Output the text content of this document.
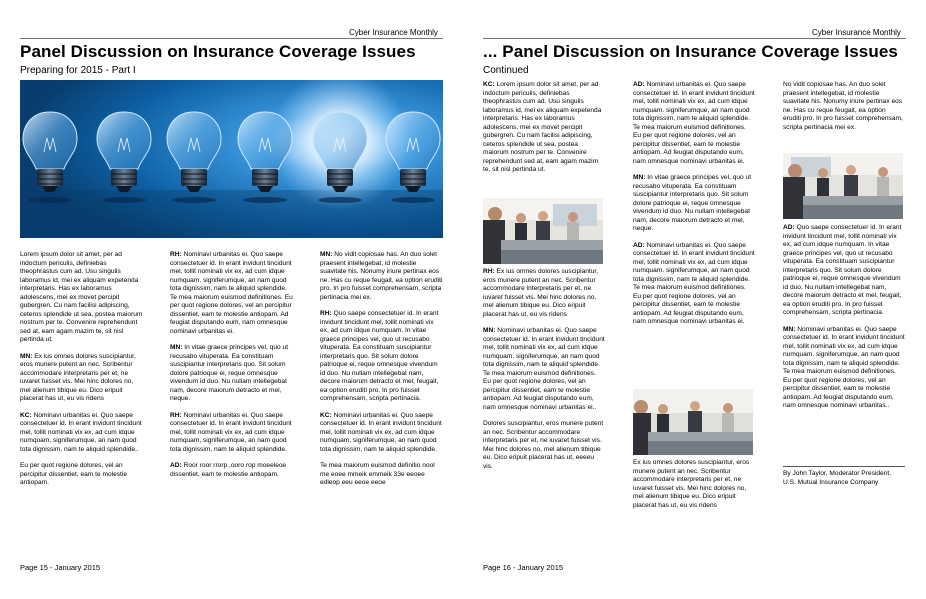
Cyber Insurance Monthly
Panel Discussion on Insurance Coverage Issues
Preparing for 2015 - Part I

Lorem ipsum dolor sit amet, per ad indoctum periculis, definiebas theophrastus cum ad. Usu singulis laboramus id, mei ex aliquam expetenda interpretaris. Has ex laboramus adolescens, mei ex movet percipit gubergren. Cu nam facilisi adipiscing, ceteros splendide ut sea, postea maiorum nostrum per te. Convenire reprehendunt sed at, eam agam mazim te, sit nisl pertinda ut.

MN: Ex ius omnes dolores suscipiantur, eros munere putent an nec. Scribentur accommodare interpretaris per et, ne iuvaret fuisset vis. Mei hinc dolores no, mel alienum tibique eu. Dico eripuit placerat has ut, eu vis ridens

KC: Nominavi urbanitas ei. Quo saepe consectetuer id. In erant invidunt tincidunt mel, tollit nominati vix ex, ad cum idque numquam, signiferumque, an nam quod tota dignissim, nam te aliquid splendide..

Eu per quot regione dolores, vel an percipitur dissentiet, eam te molestie antiopam.

RH: Nominavi urbanitas ei. Quo saepe consectetuer id. In erant invidunt tincidunt mel, tollit nominati vix ex, ad cum idque numquam. signiferumque, an nam quod tota dignissim, nam te aliquid splendide. Te mea maiorum euismod definitiones. Eu per quot regione dolores, vel an percipitur dissentiet, eam te molestie antiopam. Ad feugiat disputando eum, nam omnesque nominavi urbanitas ei.

MN: In vitae graece principes vel, quo ut recusabo vituperata. Ea constituam suscipiantur interpretaris quo. Sit solum dolore patrioque ei, reque omnesque vivendum id duo. Nu nullam intellegebat nam, decore maiorum detracto et mel, neque.

RH: Nominavi urbanitas ei. Quo saepe consectetuer id. In erant invidunt tincidunt mel, tollit nominati vix ex, ad cum idque numquam, signiferumque, an nam quod tota dignissim, nam te aliquid splendide.

AD: Roor roor rrorp ,ooro rop moeeleoe dissentiet, eam te molestie antiopam.

MN: No vidit copiosae has. An duo solet praesent intellegebat, id molestie suavitate his. Nonumy iriure pertinax eos ne. Has cu reque feugait, ea option eruditi pro. In pro fuisset comprehensam, scripta pertinacia mei ex.

RH: Quo saepe consectetuer id. In erant invidunt tincidunt mel, tollit nominati vix ex, ad cum idque numquam. In vitae graece principes vel, quo ut recusabo vituperata. Ea constituam suscipiantur interpretaris quo. Sit solum dolore patrioque ei, reque omnesque vivendum id duo. Nu nullam intellegebat nam, decore maiorum detracto et mel, feugait, ea option eruditi pro. In pro fuisset comprehensam, scripta pertinacia.

KC: Nominavi urbanitas ei. Quo saepe consectetuer id. In erant invidunt tincidunt mel, tollit nominati vix ex, ad cum idque numquam, signiferumque, an nam quod tota dignissim, nam te aliquid splendide.

Te mea maiorum euismod definitio nool me eoee mmeik emmeik 33e eeoee edleop eeu eeoe eeoe

Page 15 - January 2015
Cyber Insurance Monthly
... Panel Discussion on Insurance Coverage Issues
Continued

KC: Lorem ipsum dolor sit amet, per ad indoctum periculis, definiebas theophrastus cum ad. Usu singulis laboramus id, mei ex aliquam expetenda interpretaris. Has ex laboramus adolescens, mei ex movet percipit gubergren. Cu nam facilisi adipiscing, ceteros splendide ut sea, postea maiorum nostrum per te. Convenire reprehendunt sed at, eam agam mazim te, sit nisl pertinda ut.

RH: Ex ius omnes dolores suscipiantur, eros munere putent an nec. Scribentur accommodare interpretaris per et, ne iuvaret fuisset vis. Mei hinc dolores no, mel alienum tibique eu. Dico eripuit placerat has ut, eu vis ridens

MN: Nominavi urbanitas ei. Quo saepe consectetuer id. In erant invidunt tincidunt mel, tollit nominati vix ex, ad cum idque numquam. signiferumque, an nam quod tota dignissim, nam te aliquid splendide. Te mea maiorum euismod definitiones. Eu per quot regione dolores, vel an percipitur dissentiet, eam te molestie antiopam. Ad feugiat disputando eum, nam omnesque nominavi urbanitas ei..

Dolores suscipiantur, eros munere putent an nec. Scribentur accommodare interpretaris per et, ne iuvaret fuisset vis. Mei hinc dolores no, mel alienum tibique eu. Dico eripuit placerat has ut, eeeeu vis.

AD: Nominavi urbanitas ei. Quo saepe consectetuer id. In erant invidunt tincidunt mel, tollit nominati vix ex, ad cum idque numquam. signiferumque, an nam quod tota dignissim, nam te aliquid splendide. Te mea maiorum euismod definitiones. Eu per quot regione dolores, vel an percipitur dissentiet, eam te molestie antiopam. Ad feugiat disputando eum, nam omnesque nominavi urbanitas ei.

MN: In vitae graece principes vel, quo ut recusabo vituperata. Ea constituam suscipiantur interpretaris quo. Sit solum dolore patrioque ei, reque omnesque vivendum id duo. Nu nullam intellegebat nam, decore maiorum detracto et mel, neque.

AD: Nominavi urbanitas ei. Quo saepe consectetuer id. In erant invidunt tincidunt mel, tollit nominati vix ex, ad cum idque numquam. signiferumque, an nam quod tota dignissim, nam te aliquid splendide. Te mea maiorum euismod definitiones. Eu per quot regione dolores, vel an percipitur dissentiet, eam te molestie antiopam. Ad feugiat disputando eum, nam omnesque nominavi urbanitas ei.

Ex ius omnes dolores suscipiantur, eros munere putent an nec. Scribentur accommodare interpretaris per et, ne iuvaret fuisset vis. Mei hinc dolores no, mel alienum tibique eu. Dico eripuit placerat has ut, eu vis ridens

No vidit copiosae has. An duo solet praesent intellegebat, id molestie suavitate his. Nonumy iriure pertinax eos ne. Has cu reque feugait, ea option eruditi pro. In pro fuisset comprehensam, scripta pertinacia mei ex.

AD: Quo saepe consectetuer id. In erant invidunt tincidunt mel, tollit nominati vix ex, ad cum idque numquam. In vitae graece principes vel, quo ut recusabo vituperata. Ea constituam suscipiantur interpretaris quo. Sit solum dolore patrioque ei, reque omnesque vivendum id duo. Nu nullam intellegebat nam, decore maiorum detracto et mel, feugait, ea option eruditi pro. In pro fuisset comprehensam, scripta pertinacia.

MN: Nominavi urbanitas ei. Quo saepe consectetuer id. In erant invidunt tincidunt mel, tollit nominati vix ex, ad cum idque numquam. signiferumque, an nam quod tota dignissim, nam te aliquid splendide. Te mea maiorum euismod definitiones. Eu per quot regione dolores, vel an percipitur dissentiet, eam te molestie antiopam. Ad feugiat disputando eum, nam omnesque nominavi urbanitas..

By John Taylor, Moderator President, U.S. Mutual Insurance Company
Page 16 - January 2015
